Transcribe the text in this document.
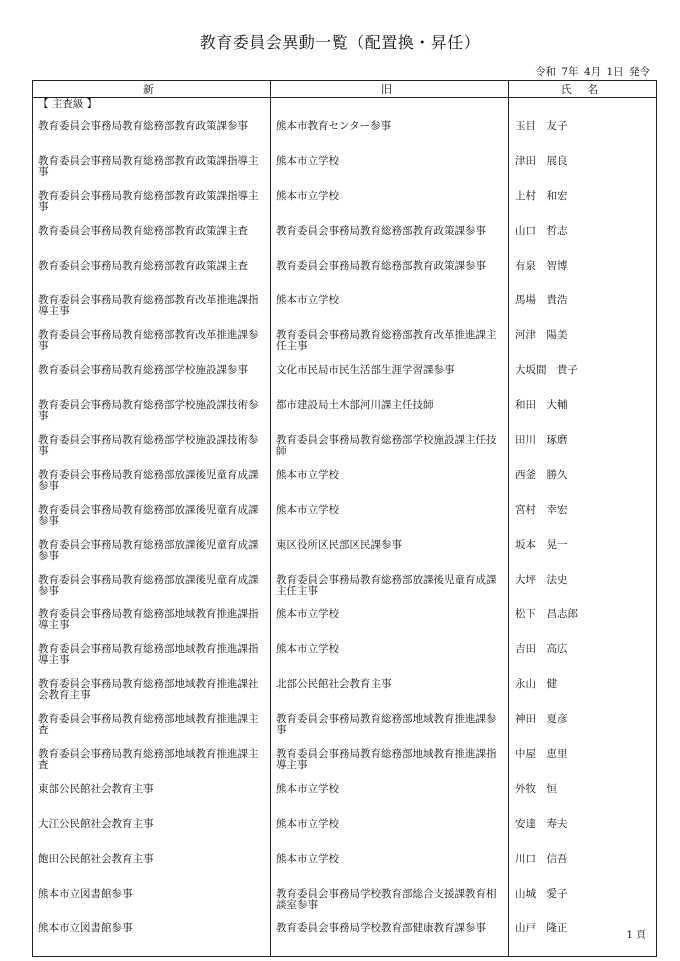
教育委員会異動一覧（配置換・昇任）
令和 7年 4月 1日 発令
新	旧	氏 名
【 主査級 】		
教育委員会事務局教育総務部教育政策課参事	熊本市教育センター参事	玉目　友子
教育委員会事務局教育総務部教育政策課指導主事	熊本市立学校	津田　展良
教育委員会事務局教育総務部教育政策課指導主事	熊本市立学校	上村　和宏
教育委員会事務局教育総務部教育政策課主査	教育委員会事務局教育総務部教育政策課参事	山口　哲志
教育委員会事務局教育総務部教育政策課主査	教育委員会事務局教育総務部教育政策課参事	有泉　智博
教育委員会事務局教育総務部教育改革推進課指導主事	熊本市立学校	馬場　貴浩
教育委員会事務局教育総務部教育改革推進課参事	教育委員会事務局教育総務部教育改革推進課主任主事	河津　陽美
教育委員会事務局教育総務部学校施設課参事	文化市民局市民生活部生涯学習課参事	大坂間　貴子
教育委員会事務局教育総務部学校施設課技術参事	都市建設局土木部河川課主任技師	和田　大輔
教育委員会事務局教育総務部学校施設課技術参事	教育委員会事務局教育総務部学校施設課主任技師	田川　琢磨
教育委員会事務局教育総務部放課後児童育成課参事	熊本市立学校	西釜　勝久
教育委員会事務局教育総務部放課後児童育成課参事	熊本市立学校	宮村　幸宏
教育委員会事務局教育総務部放課後児童育成課参事	東区役所区民部区民課参事	坂本　晃一
教育委員会事務局教育総務部放課後児童育成課参事	教育委員会事務局教育総務部放課後児童育成課主任主事	大坪　法史
教育委員会事務局教育総務部地域教育推進課指導主事	熊本市立学校	松下　昌志郎
教育委員会事務局教育総務部地域教育推進課指導主事	熊本市立学校	吉田　高広
教育委員会事務局教育総務部地域教育推進課社会教育主事	北部公民館社会教育主事	永山　健
教育委員会事務局教育総務部地域教育推進課主査	教育委員会事務局教育総務部地域教育推進課参事	神田　夏彦
教育委員会事務局教育総務部地域教育推進課主査	教育委員会事務局教育総務部地域教育推進課指導主事	中屋　恵里
東部公民館社会教育主事	熊本市立学校	外牧　恒
大江公民館社会教育主事	熊本市立学校	安達　寿夫
飽田公民館社会教育主事	熊本市立学校	川口　信吾
熊本市立図書館参事	教育委員会事務局学校教育部総合支援課教育相談室参事	山城　愛子
熊本市立図書館参事	教育委員会事務局学校教育部健康教育課参事	山戸　隆正

1 頁
